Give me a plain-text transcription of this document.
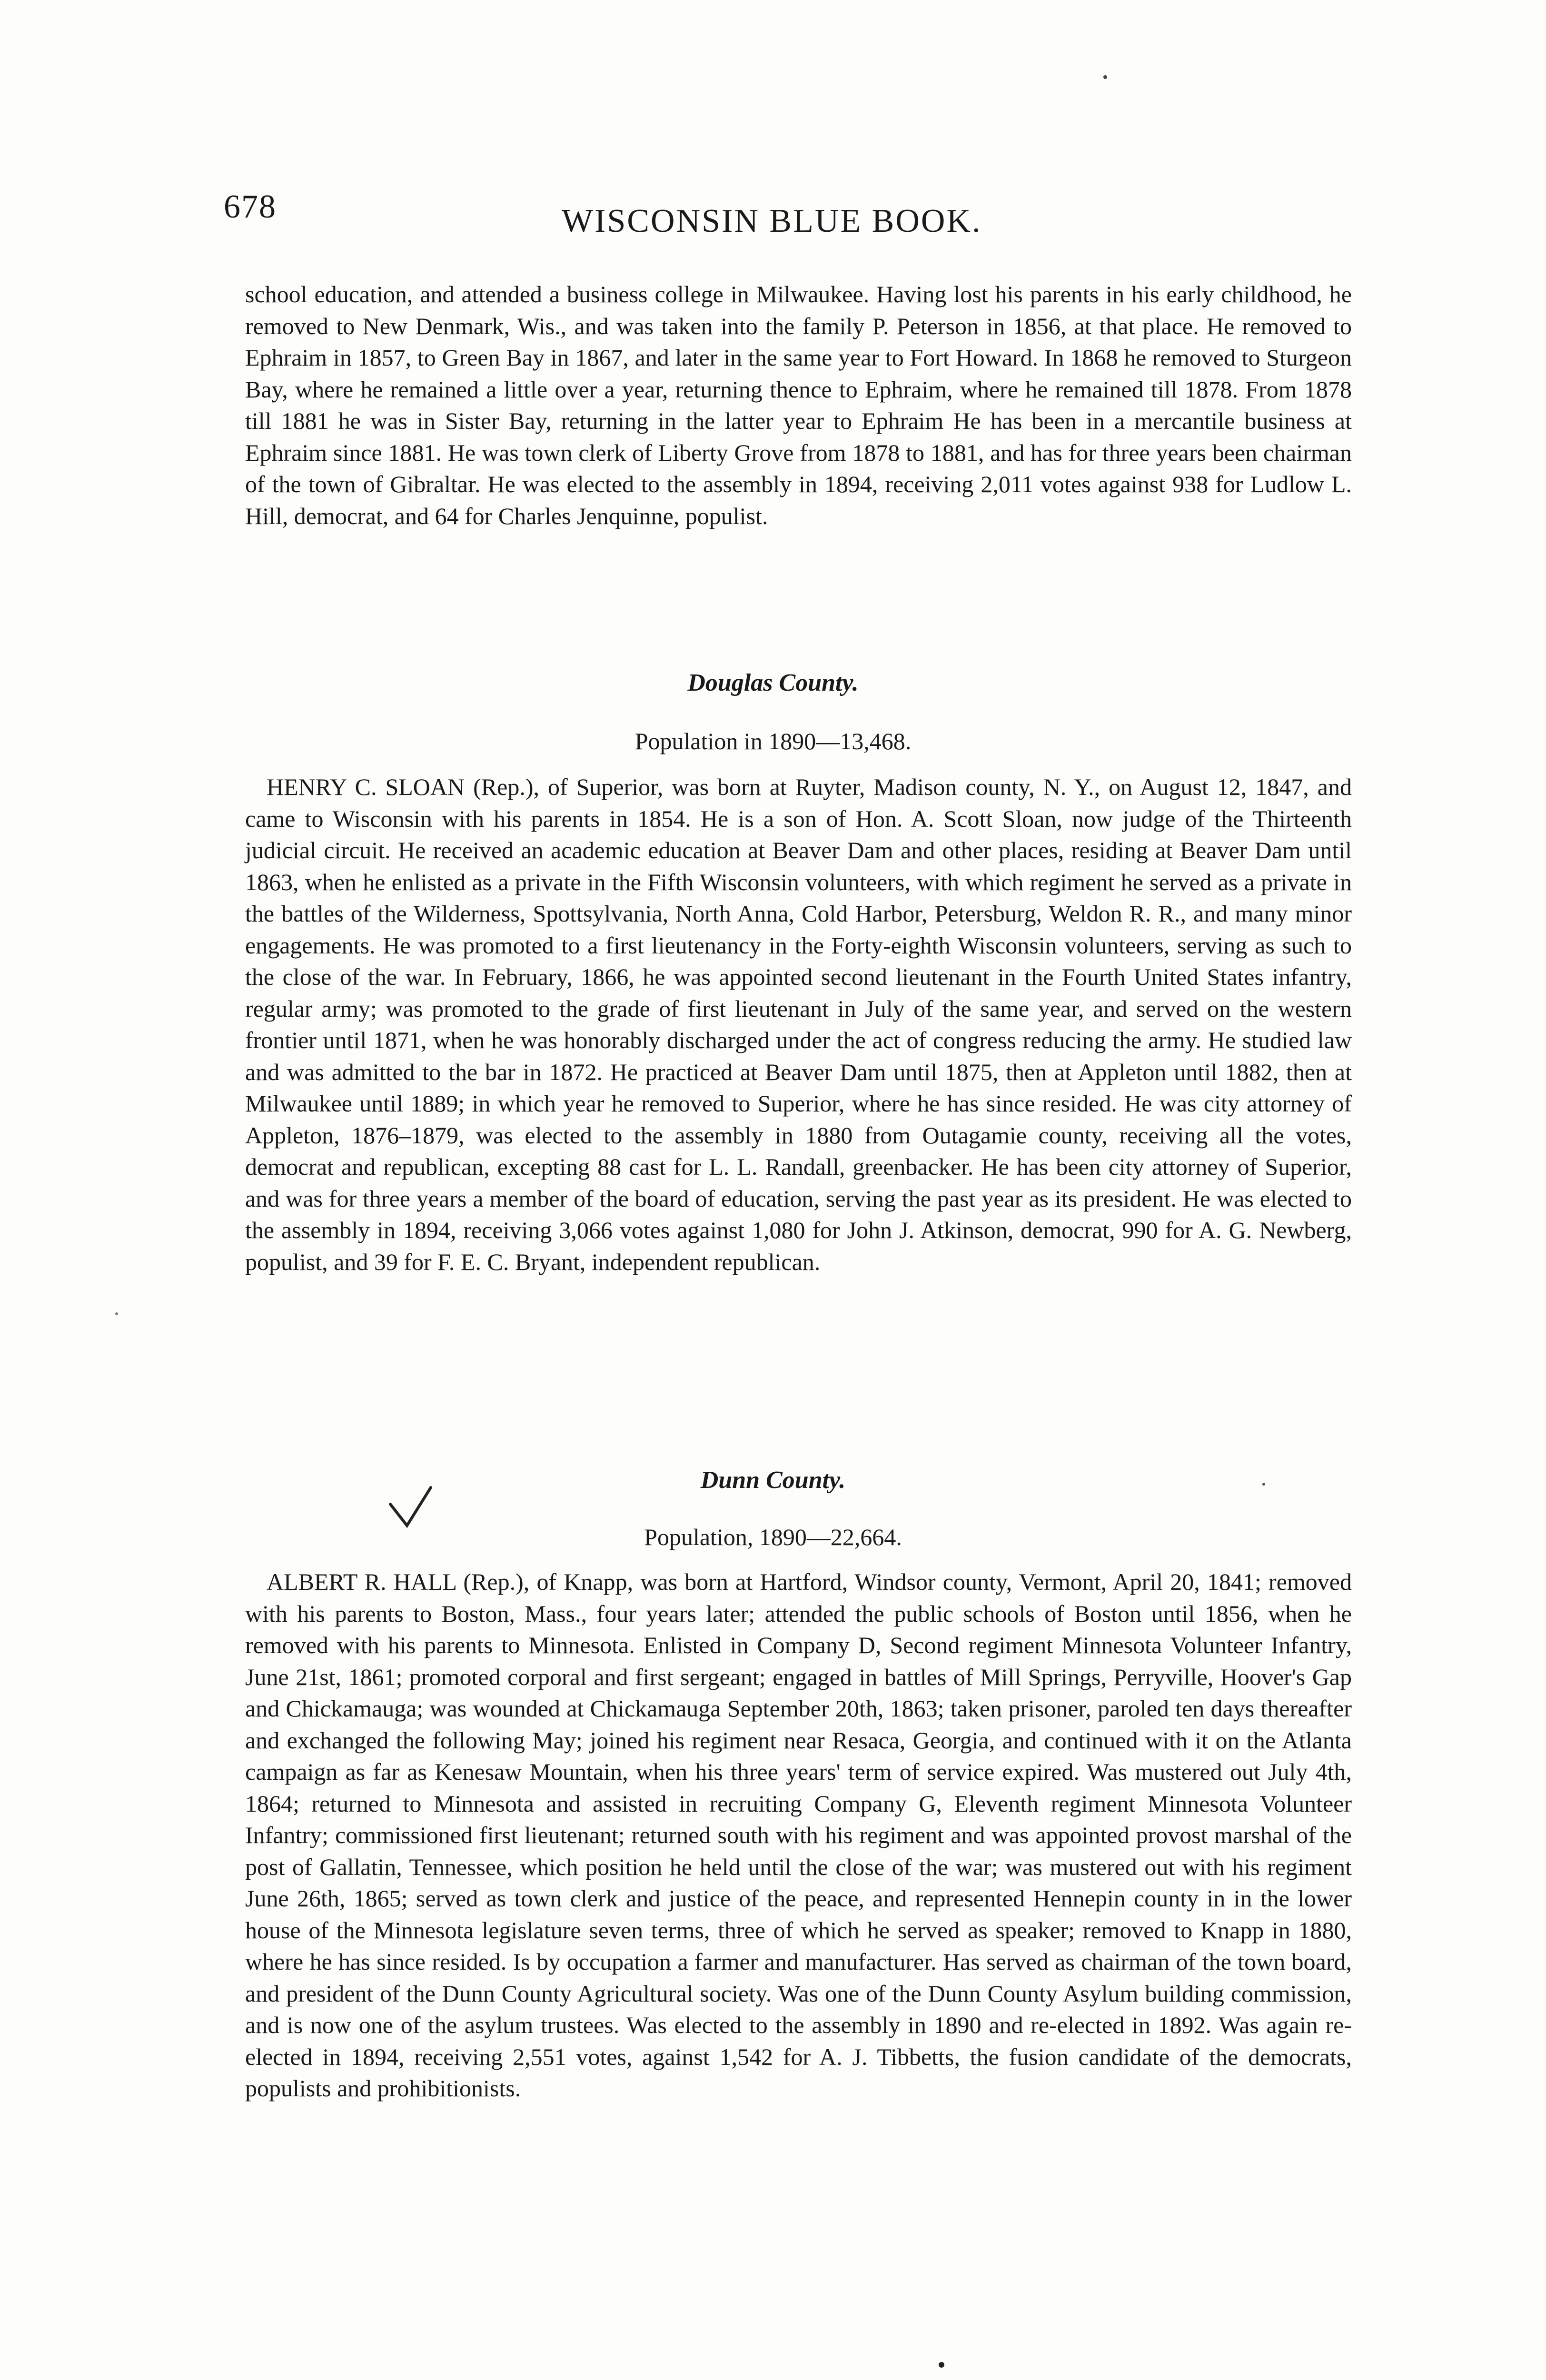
678	WISCONSIN BLUE BOOK.

school education, and attended a business college in Milwaukee. Having lost his parents in his early childhood, he removed to New Denmark, Wis., and was taken into the family P. Peterson in 1856, at that place. He removed to Ephraim in 1857, to Green Bay in 1867, and later in the same year to Fort Howard. In 1868 he removed to Sturgeon Bay, where he remained a little over a year, returning thence to Ephraim, where he remained till 1878. From 1878 till 1881 he was in Sister Bay, returning in the latter year to Ephraim He has been in a mercantile business at Ephraim since 1881. He was town clerk of Liberty Grove from 1878 to 1881, and has for three years been chairman of the town of Gibraltar. He was elected to the assembly in 1894, receiving 2,011 votes against 938 for Ludlow L. Hill, democrat, and 64 for Charles Jenquinne, populist.

Douglas County.
Population in 1890—13,468.

HENRY C. SLOAN (Rep.), of Superior, was born at Ruyter, Madison county, N. Y., on August 12, 1847, and came to Wisconsin with his parents in 1854. He is a son of Hon. A. Scott Sloan, now judge of the Thirteenth judicial circuit. He received an academic education at Beaver Dam and other places, residing at Beaver Dam until 1863, when he enlisted as a private in the Fifth Wisconsin volunteers, with which regiment he served as a private in the battles of the Wilderness, Spottsylvania, North Anna, Cold Harbor, Petersburg, Weldon R. R., and many minor engagements. He was promoted to a first lieutenancy in the Forty-eighth Wisconsin volunteers, serving as such to the close of the war. In February, 1866, he was appointed second lieutenant in the Fourth United States infantry, regular army; was promoted to the grade of first lieutenant in July of the same year, and served on the western frontier until 1871, when he was honorably discharged under the act of congress reducing the army. He studied law and was admitted to the bar in 1872. He practiced at Beaver Dam until 1875, then at Appleton until 1882, then at Milwaukee until 1889; in which year he removed to Superior, where he has since resided. He was city attorney of Appleton, 1876–1879, was elected to the assembly in 1880 from Outagamie county, receiving all the votes, democrat and republican, excepting 88 cast for L. L. Randall, greenbacker. He has been city attorney of Superior, and was for three years a member of the board of education, serving the past year as its president. He was elected to the assembly in 1894, receiving 3,066 votes against 1,080 for John J. Atkinson, democrat, 990 for A. G. Newberg, populist, and 39 for F. E. C. Bryant, independent republican.

Dunn County.
Population, 1890—22,664.

ALBERT R. HALL (Rep.), of Knapp, was born at Hartford, Windsor county, Vermont, April 20, 1841; removed with his parents to Boston, Mass., four years later; attended the public schools of Boston until 1856, when he removed with his parents to Minnesota. Enlisted in Company D, Second regiment Minnesota Volunteer Infantry, June 21st, 1861; promoted corporal and first sergeant; engaged in battles of Mill Springs, Perryville, Hoover's Gap and Chickamauga; was wounded at Chickamauga September 20th, 1863; taken prisoner, paroled ten days thereafter and exchanged the following May; joined his regiment near Resaca, Georgia, and continued with it on the Atlanta campaign as far as Kenesaw Mountain, when his three years' term of service expired. Was mustered out July 4th, 1864; returned to Minnesota and assisted in recruiting Company G, Eleventh regiment Minnesota Volunteer Infantry; commissioned first lieutenant; returned south with his regiment and was appointed provost marshal of the post of Gallatin, Tennessee, which position he held until the close of the war; was mustered out with his regiment June 26th, 1865; served as town clerk and justice of the peace, and represented Hennepin county in in the lower house of the Minnesota legislature seven terms, three of which he served as speaker; removed to Knapp in 1880, where he has since resided. Is by occupation a farmer and manufacturer. Has served as chairman of the town board, and president of the Dunn County Agricultural society. Was one of the Dunn County Asylum building commission, and is now one of the asylum trustees. Was elected to the assembly in 1890 and re-elected in 1892. Was again re-elected in 1894, receiving 2,551 votes, against 1,542 for A. J. Tibbetts, the fusion candidate of the democrats, populists and prohibitionists.
